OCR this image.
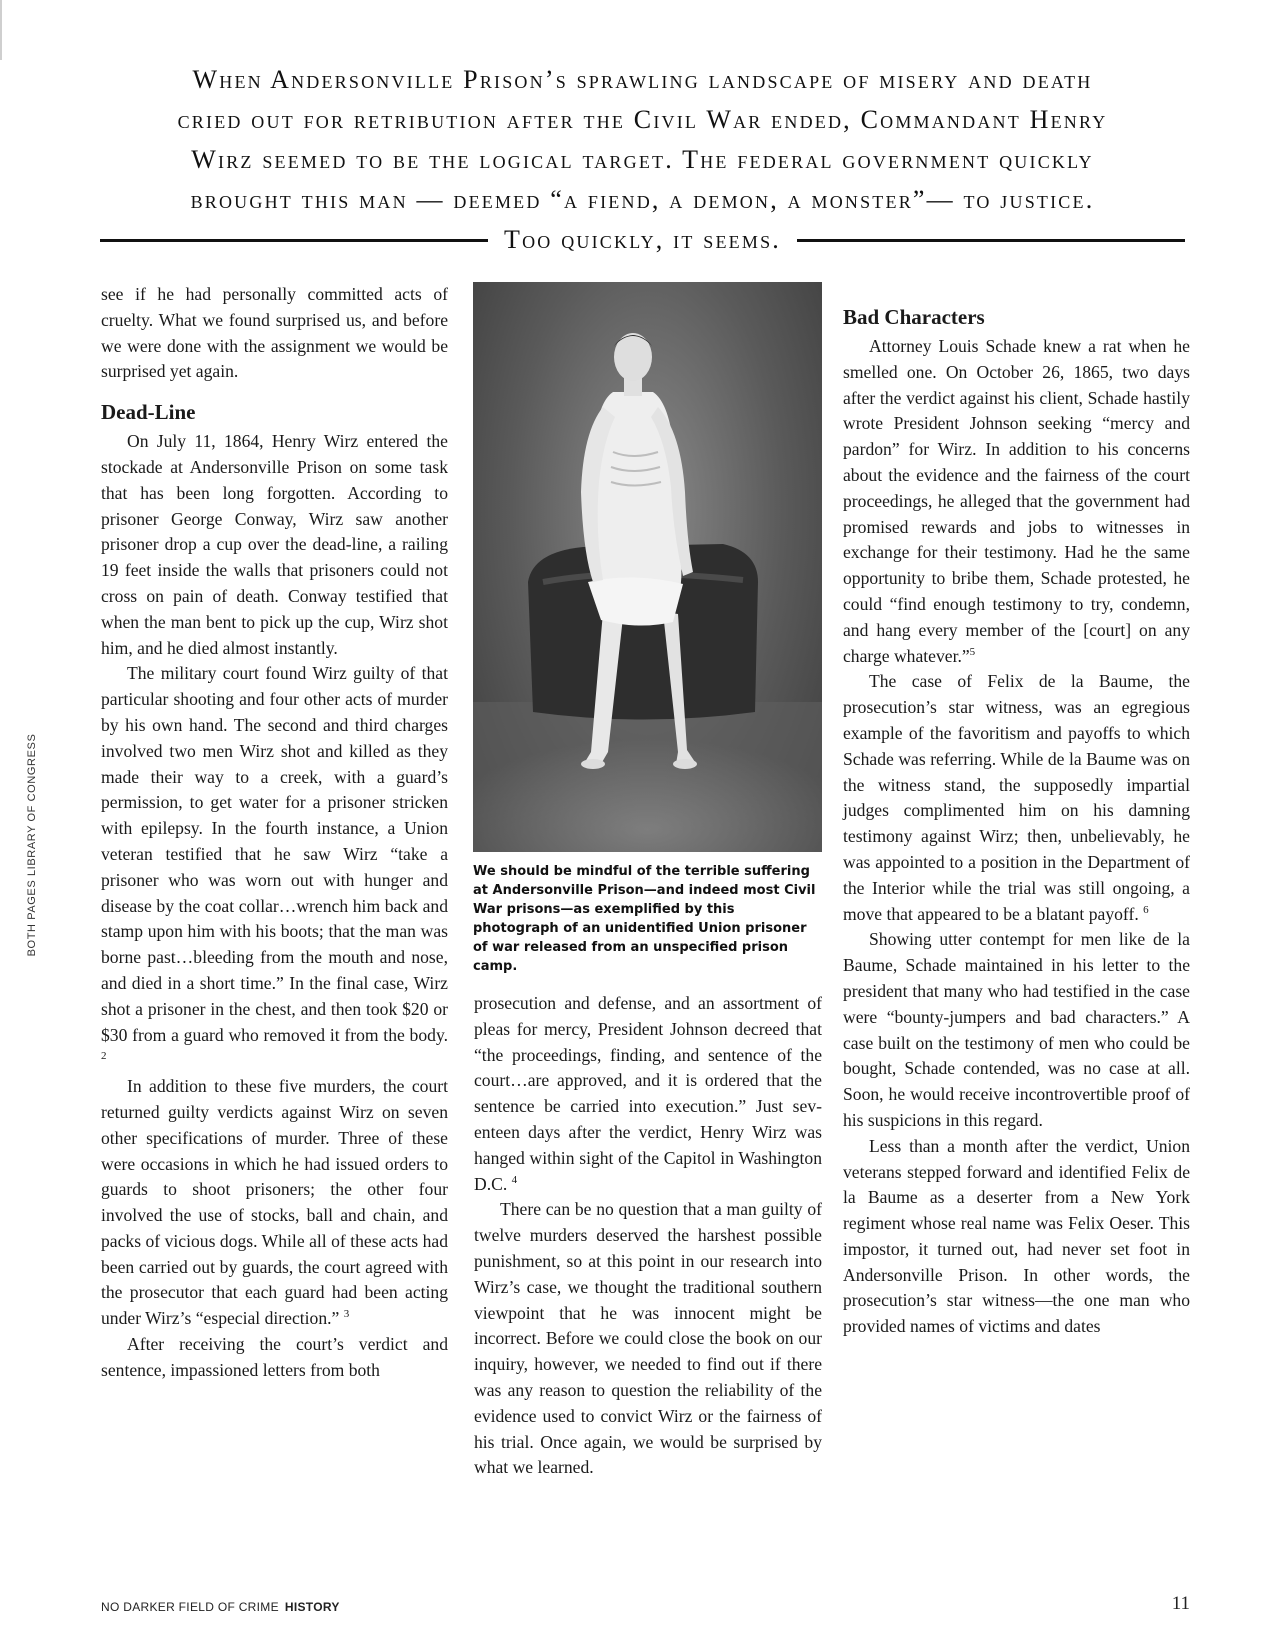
When Andersonville Prison’s sprawling landscape of misery and death
cried out for retribution after the Civil War ended, Commandant Henry
Wirz seemed to be the logical target. The federal government quickly
brought this man — deemed “a fiend, a demon, a monster”— to justice.
Too quickly, it seems.

see if he had personally committed acts of cruelty. What we found surprised us, and before we were done with the assignment we would be surprised yet again.

Dead-Line

On July 11, 1864, Henry Wirz entered the stockade at Andersonville Prison on some task that has been long forgotten. According to prisoner George Conway, Wirz saw another prisoner drop a cup over the dead-line, a railing 19 feet inside the walls that prisoners could not cross on pain of death. Conway testified that when the man bent to pick up the cup, Wirz shot him, and he died almost instantly.

The military court found Wirz guilty of that particular shooting and four other acts of murder by his own hand. The second and third charges involved two men Wirz shot and killed as they made their way to a creek, with a guard’s permission, to get water for a prisoner stricken with epilepsy. In the fourth instance, a Union veteran testified that he saw Wirz “take a prisoner who was worn out with hunger and disease by the coat collar…wrench him back and stamp upon him with his boots; that the man was borne past…bleeding from the mouth and nose, and died in a short time.” In the final case, Wirz shot a prisoner in the chest, and then took $20 or $30 from a guard who removed it from the body. $^2$

In addition to these five murders, the court returned guilty verdicts against Wirz on seven other specifications of murder. Three of these were occasions in which he had issued orders to guards to shoot prisoners; the other four involved the use of stocks, ball and chain, and packs of vicious dogs. While all of these acts had been carried out by guards, the court agreed with the prosecutor that each guard had been acting under Wirz’s “especial direction.” $^3$

After receiving the court’s verdict and sentence, impassioned letters from both

We should be mindful of the terrible suffering at Andersonville Prison—and indeed most Civil War prisons—as exemplified by this photograph of an unidentified Union prisoner of war released from an unspecified prison camp.

prosecution and defense, and an assortment of pleas for mercy, President Johnson decreed that “the proceedings, finding, and sentence of the court…are approved, and it is ordered that the sentence be carried into execution.” Just seventeen days after the verdict, Henry Wirz was hanged within sight of the Capitol in Washington D.C. $^4$

There can be no question that a man guilty of twelve murders deserved the harshest possible punishment, so at this point in our research into Wirz’s case, we thought the traditional southern viewpoint that he was innocent might be incorrect. Before we could close the book on our inquiry, however, we needed to find out if there was any reason to question the reliability of the evidence used to convict Wirz or the fairness of his trial. Once again, we would be surprised by what we learned.

Bad Characters

Attorney Louis Schade knew a rat when he smelled one. On October 26, 1865, two days after the verdict against his client, Schade hastily wrote President Johnson seeking “mercy and pardon” for Wirz. In addition to his concerns about the evidence and the fairness of the court proceedings, he alleged that the government had promised rewards and jobs to witnesses in exchange for their testimony. Had he the same opportunity to bribe them, Schade protested, he could “find enough testimony to try, condemn, and hang every member of the [court] on any charge whatever.”$^5$

The case of Felix de la Baume, the prosecution’s star witness, was an egregious example of the favoritism and payoffs to which Schade was referring. While de la Baume was on the witness stand, the supposedly impartial judges complimented him on his damning testimony against Wirz; then, unbelievably, he was appointed to a position in the Department of the Interior while the trial was still ongoing, a move that appeared to be a blatant payoff. $^6$

Showing utter contempt for men like de la Baume, Schade maintained in his letter to the president that many who had testified in the case were “bounty-jumpers and bad characters.” A case built on the testimony of men who could be bought, Schade contended, was no case at all. Soon, he would receive incontrovertible proof of his suspicions in this regard.

Less than a month after the verdict, Union veterans stepped forward and identified Felix de la Baume as a deserter from a New York regiment whose real name was Felix Oeser. This impostor, it turned out, had never set foot in Andersonville Prison. In other words, the prosecution’s star witness—the one man who provided names of victims and dates

BOTH PAGES LIBRARY OF CONGRESS
NO DARKER FIELD OF CRIME HISTORY	11
